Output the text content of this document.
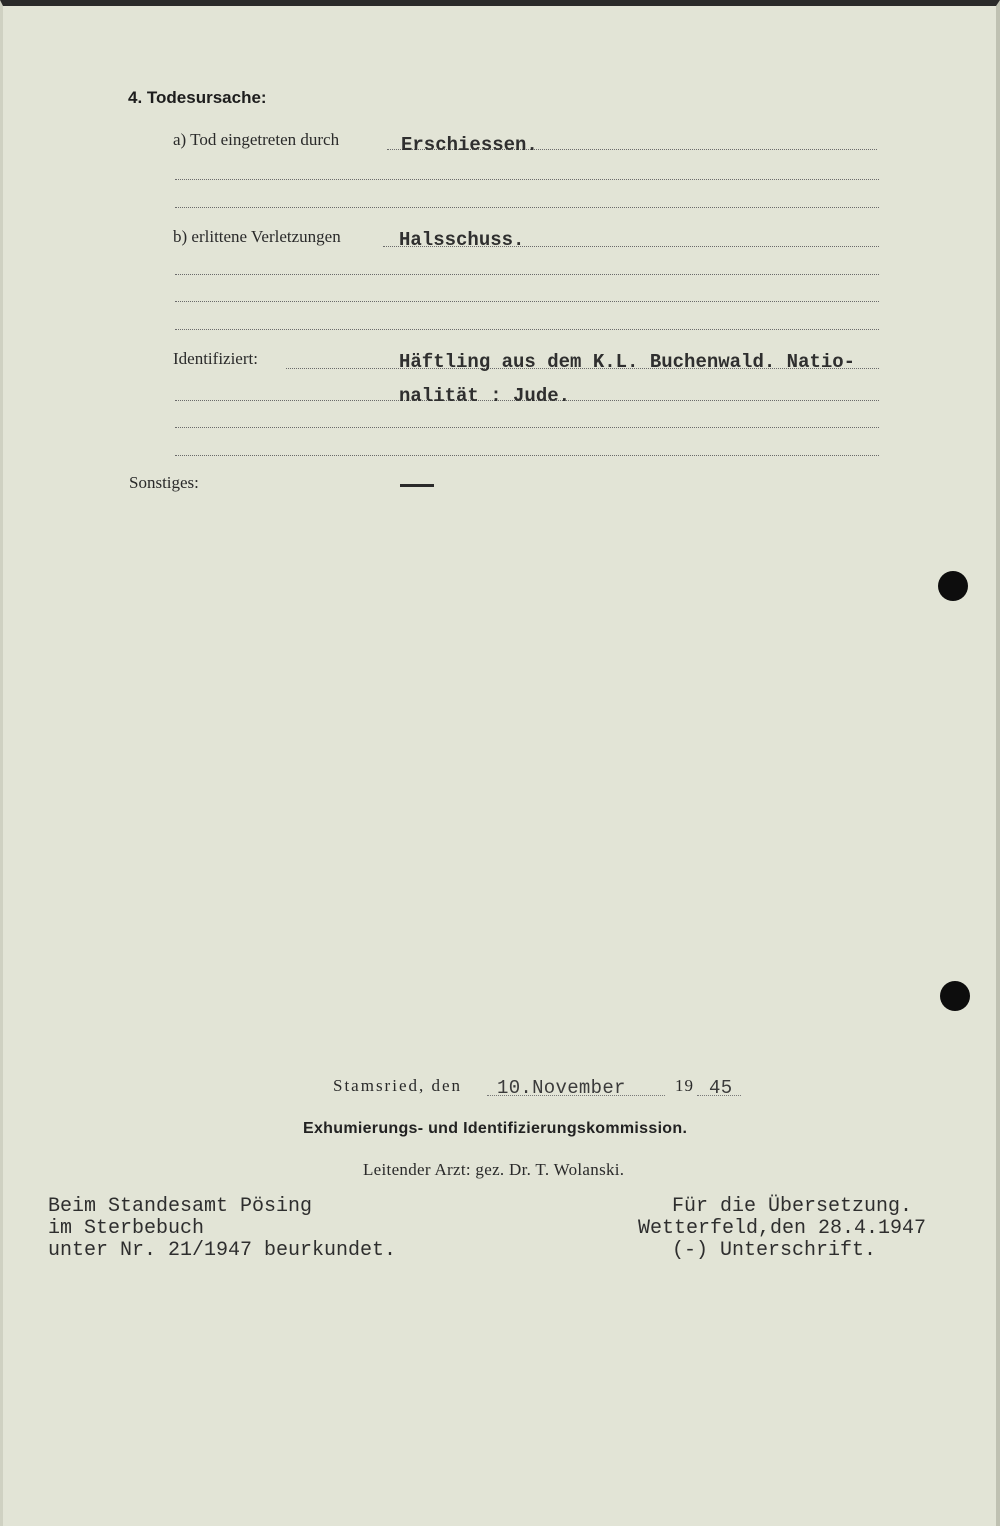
4. Todesursache:
a) Tod eingetreten durch	Erschiessen.
b) erlittene Verletzungen	Halsschuss.
Identifiziert:	Häftling aus dem K.L. Buchenwald. Natio-
nalität : Jude.
Sonstiges:
Stamsried, den 10.November	19 45
Exhumierungs- und Identifizierungskommission.
Leitender Arzt: gez. Dr. T. Wolanski.
Beim Standesamt Pösing
im Sterbebuch
unter Nr. 21/1947 beurkundet.
Für die Übersetzung.
Wetterfeld,den 28.4.1947
(-) Unterschrift.
